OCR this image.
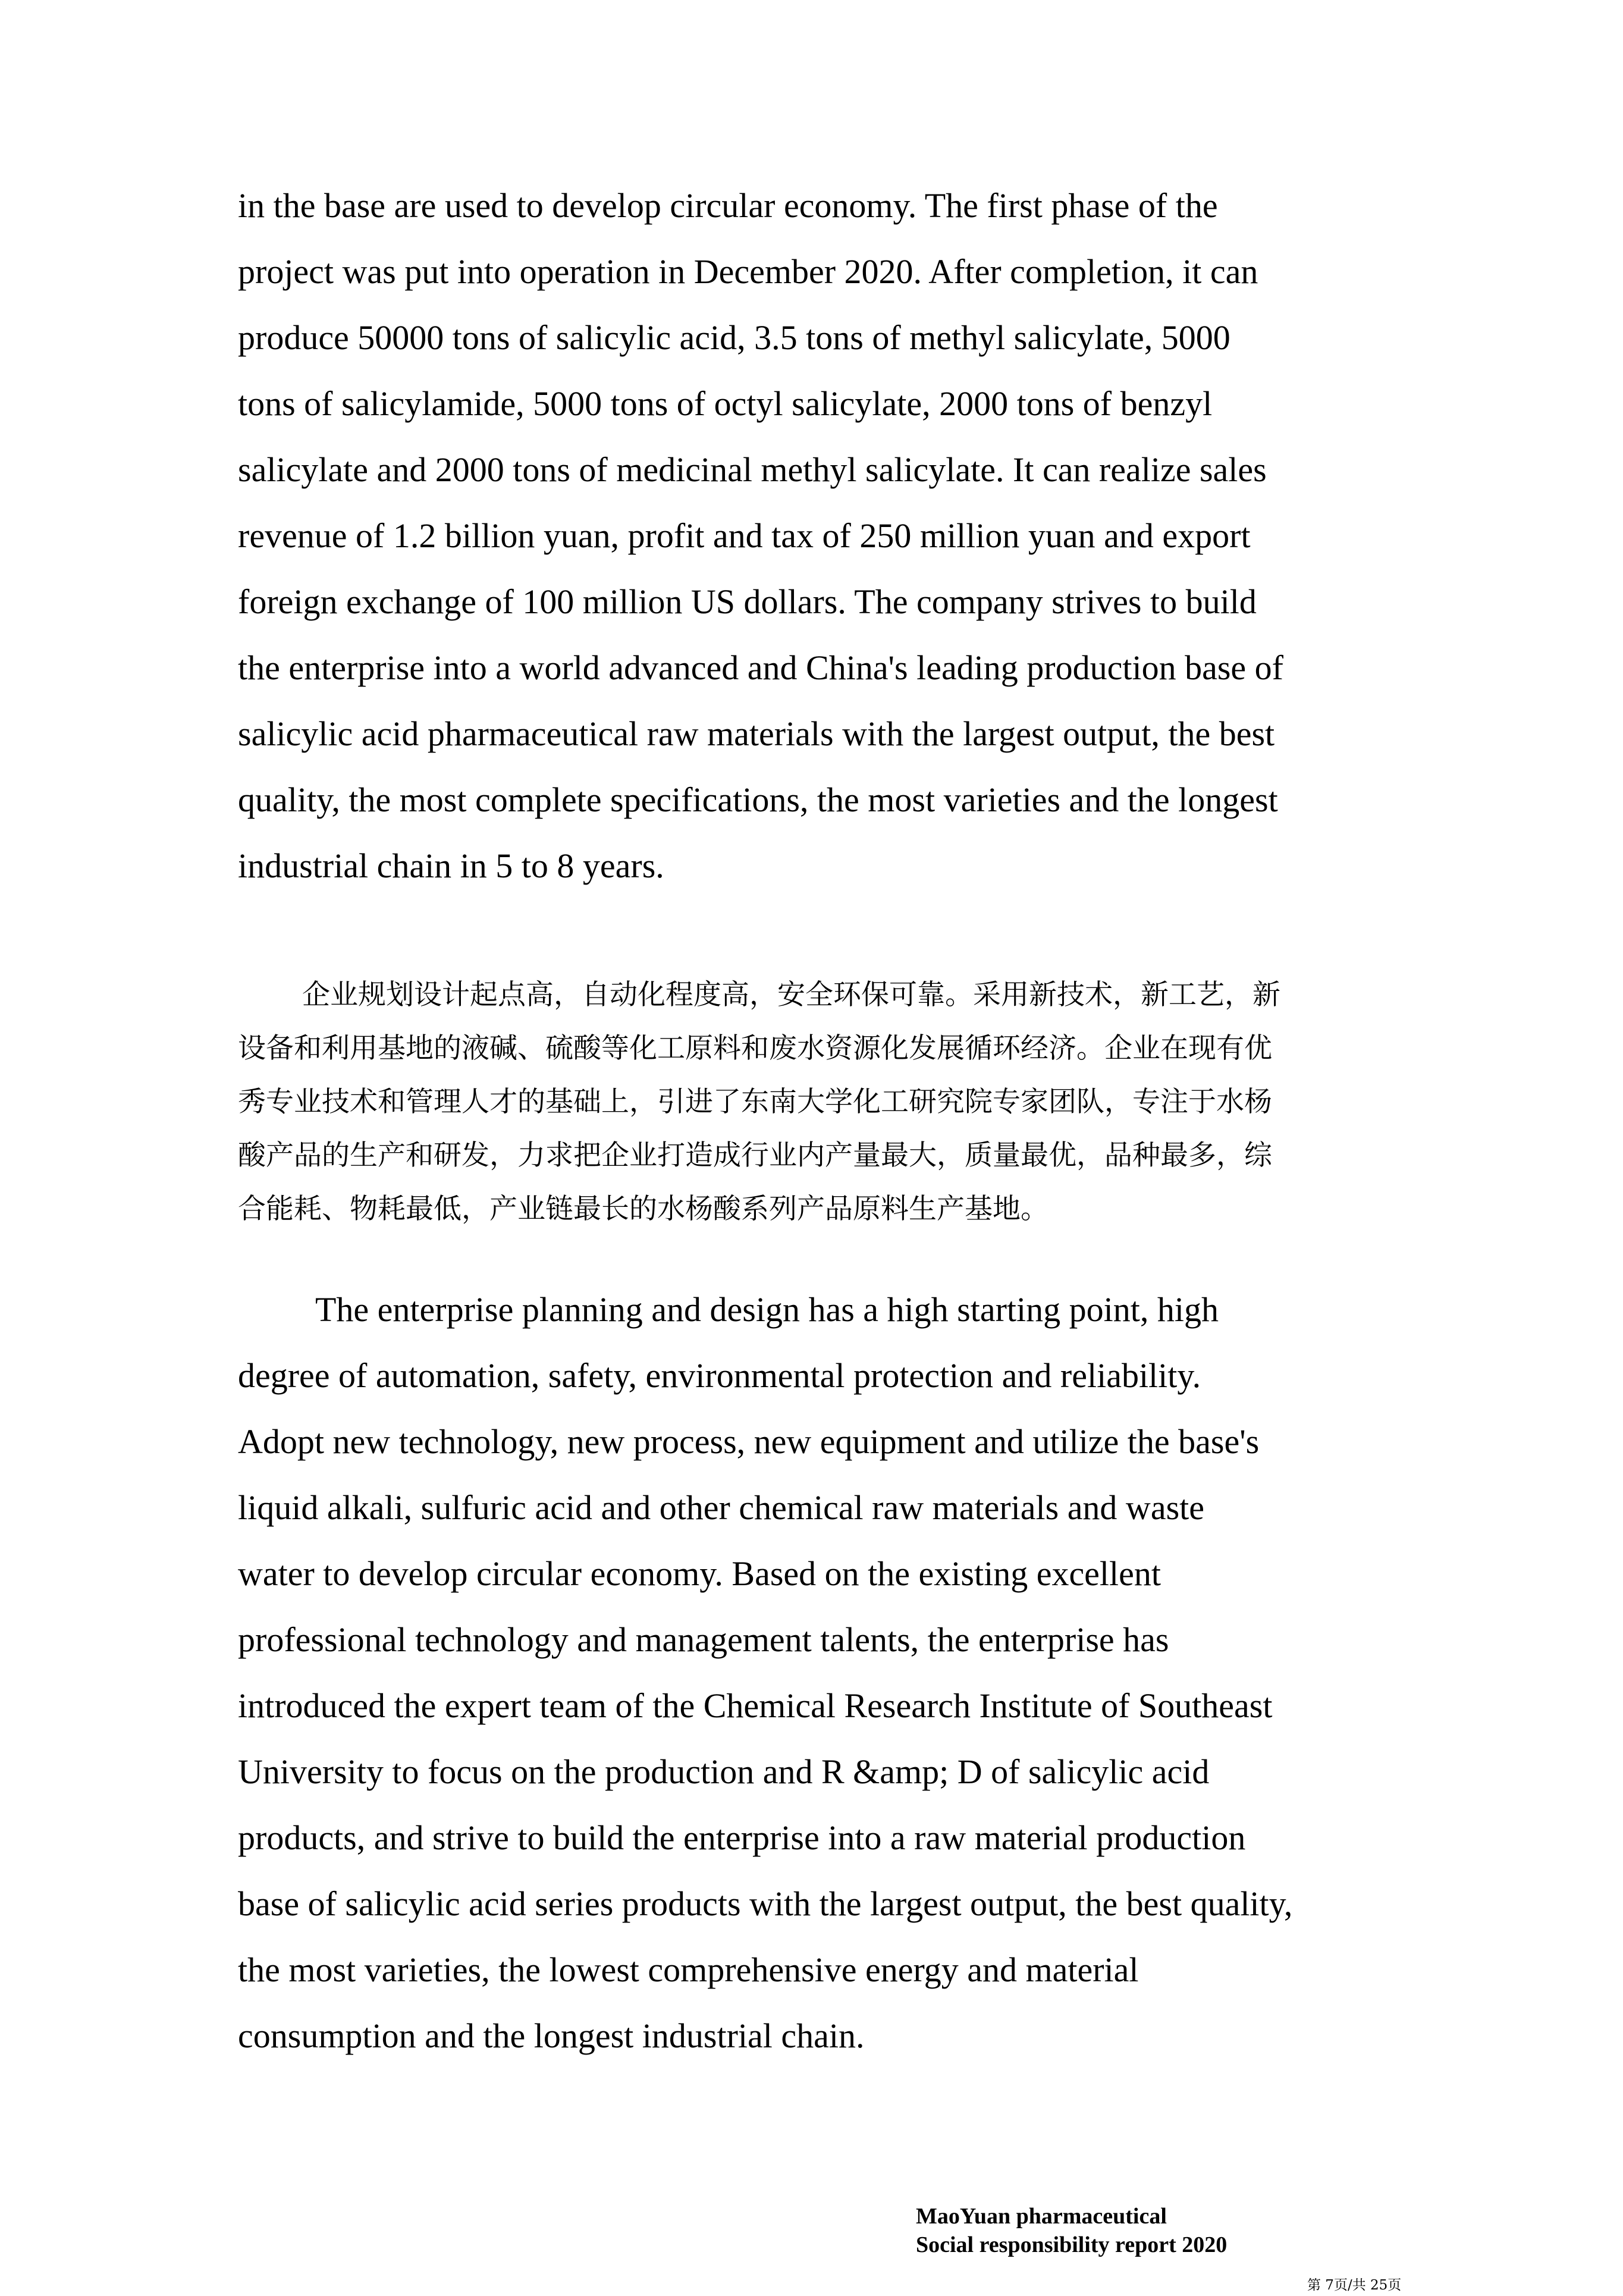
in the base are used to develop circular economy. The first phase of the
project was put into operation in December 2020. After completion, it can
produce 50000 tons of salicylic acid, 3.5 tons of methyl salicylate, 5000
tons of salicylamide, 5000 tons of octyl salicylate, 2000 tons of benzyl
salicylate and 2000 tons of medicinal methyl salicylate. It can realize sales
revenue of 1.2 billion yuan, profit and tax of 250 million yuan and export
foreign exchange of 100 million US dollars. The company strives to build
the enterprise into a world advanced and China's leading production base of
salicylic acid pharmaceutical raw materials with the largest output, the best
quality, the most complete specifications, the most varieties and the longest
industrial chain in 5 to 8 years.
企业规划设计起点高，自动化程度高，安全环保可靠。采用新技术，新工艺，新
设备和利用基地的液碱、硫酸等化工原料和废水资源化发展循环经济。企业在现有优
秀专业技术和管理人才的基础上，引进了东南大学化工研究院专家团队，专注于水杨
酸产品的生产和研发，力求把企业打造成行业内产量最大，质量最优，品种最多，综
合能耗、物耗最低，产业链最长的水杨酸系列产品原料生产基地。
The enterprise planning and design has a high starting point, high
degree of automation, safety, environmental protection and reliability.
Adopt new technology, new process, new equipment and utilize the base's
liquid alkali, sulfuric acid and other chemical raw materials and waste
water to develop circular economy. Based on the existing excellent
professional technology and management talents, the enterprise has
introduced the expert team of the Chemical Research Institute of Southeast
University to focus on the production and R &amp; D of salicylic acid
products, and strive to build the enterprise into a raw material production
base of salicylic acid series products with the largest output, the best quality,
the most varieties, the lowest comprehensive energy and material
consumption and the longest industrial chain.
MaoYuan pharmaceutical
Social responsibility report 2020
第 7页/共 25页
